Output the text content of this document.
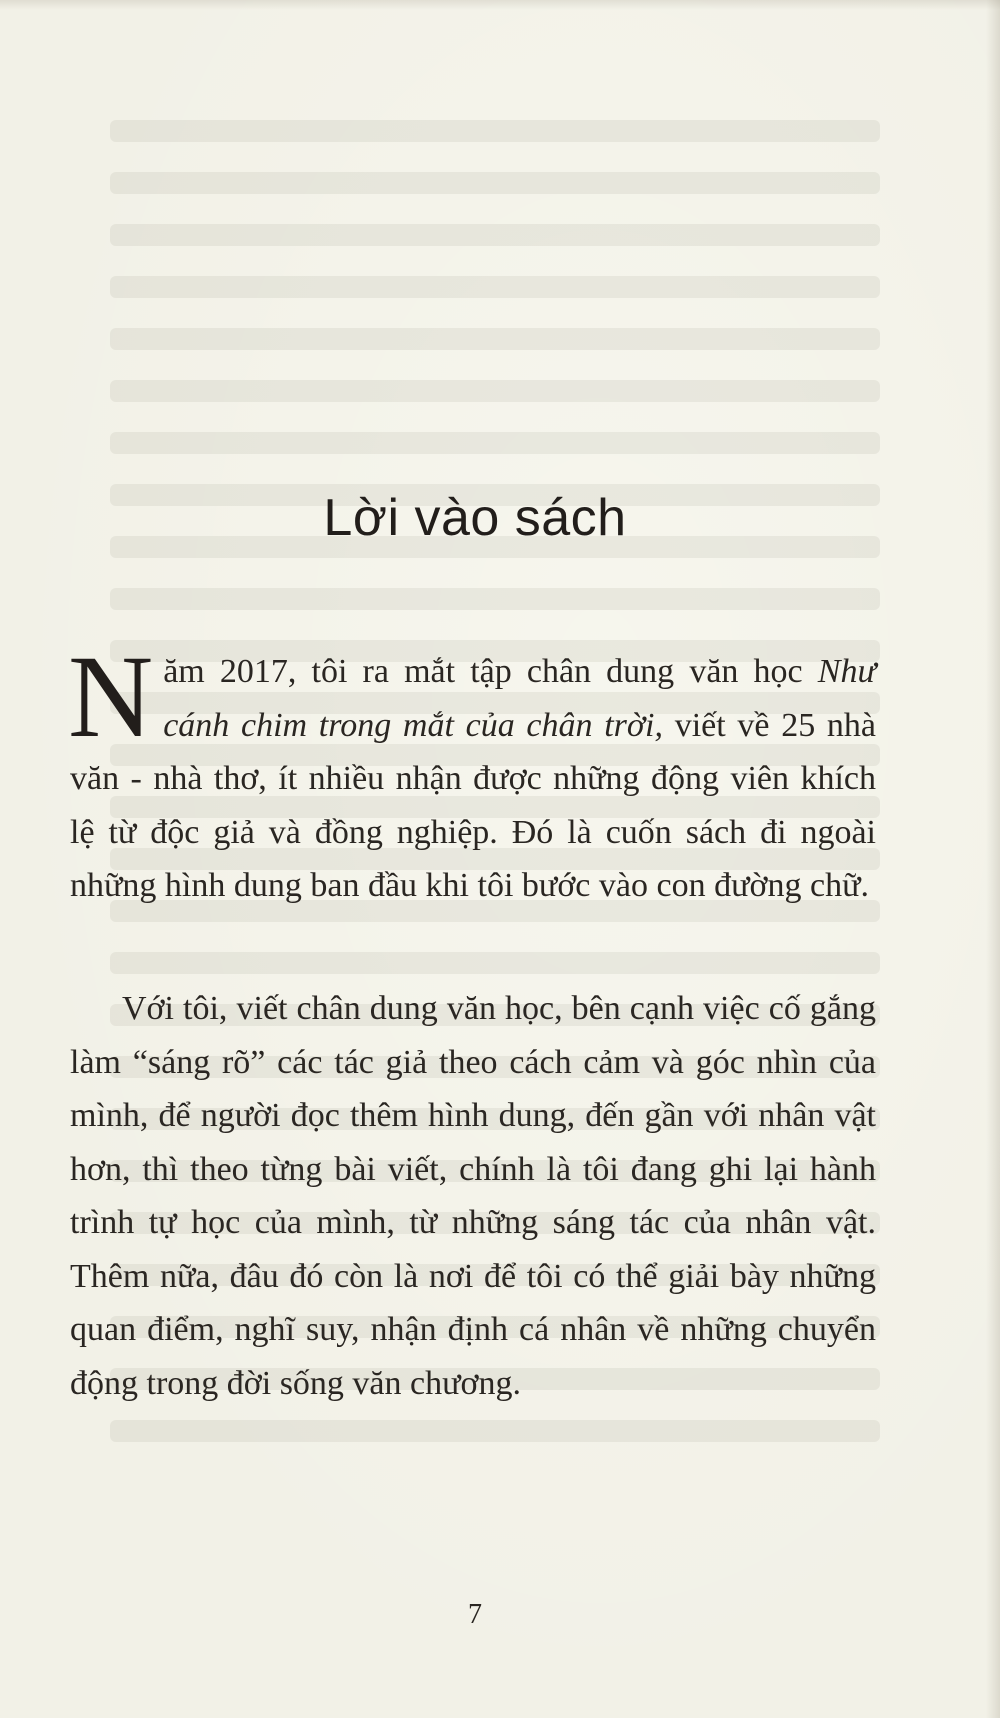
Lời vào sách

Năm 2017, tôi ra mắt tập chân dung văn học Như cánh chim trong mắt của chân trời, viết về 25 nhà văn - nhà thơ, ít nhiều nhận được những động viên khích lệ từ độc giả và đồng nghiệp. Đó là cuốn sách đi ngoài những hình dung ban đầu khi tôi bước vào con đường chữ.

Với tôi, viết chân dung văn học, bên cạnh việc cố gắng làm “sáng rõ” các tác giả theo cách cảm và góc nhìn của mình, để người đọc thêm hình dung, đến gần với nhân vật hơn, thì theo từng bài viết, chính là tôi đang ghi lại hành trình tự học của mình, từ những sáng tác của nhân vật. Thêm nữa, đâu đó còn là nơi để tôi có thể giải bày những quan điểm, nghĩ suy, nhận định cá nhân về những chuyển động trong đời sống văn chương.

7
